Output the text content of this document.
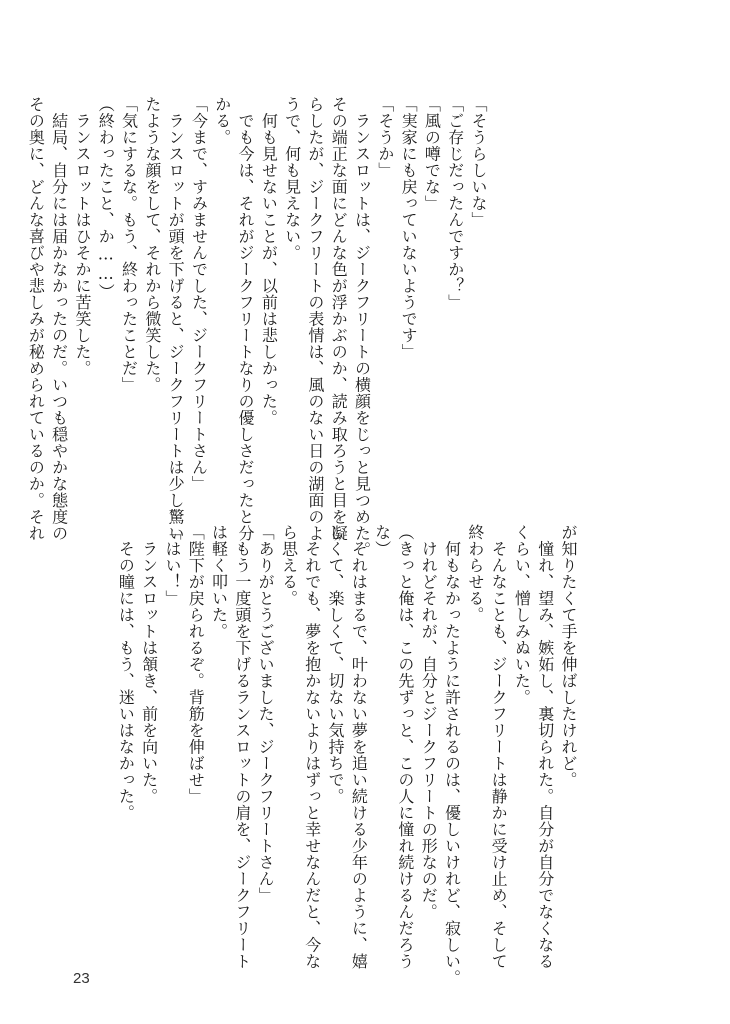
「そうらしいな」
「ご存じだったんですか？」
「風の噂でな」
「実家にも戻っていないようです」
「そうか」
　ランスロットは、ジークフリートの横顔をじっと見つめた。
その端正な面にどんな色が浮かぶのか、読み取ろうと目を凝
らしたが、ジークフリートの表情は、風のない日の湖面のよ
うで、何も見えない。
　何も見せないことが、以前は悲しかった。
　でも今は、それがジークフリートなりの優しさだったと分
かる。
「今まで、すみませんでした、ジークフリートさん」
　ランスロットが頭を下げると、ジークフリートは少し驚い
たような顔をして、それから微笑した。
「気にするな。もう、終わったことだ」
（終わったこと、か……）
　ランスロットはひそかに苦笑した。
　結局、自分には届かなかったのだ。いつも穏やかな態度の
その奥に、どんな喜びや悲しみが秘められているのか。それ
が知りたくて手を伸ばしたけれど。
　憧れ、望み、嫉妬し、裏切られた。自分が自分でなくなる
くらい、憎しみぬいた。
　そんなことも、ジークフリートは静かに受け止め、そして
終わらせる。
　何もなかったように許されるのは、優しいけれど、寂しい。
　けれどそれが、自分とジークフリートの形なのだ。
（きっと俺は、この先ずっと、この人に憧れ続けるんだろう
な）
　それはまるで、叶わない夢を追い続ける少年のように、嬉
しくて、楽しくて、切ない気持ちで。
　それでも、夢を抱かないよりはずっと幸せなんだと、今な
ら思える。
「ありがとうございました、ジークフリートさん」
　もう一度頭を下げるランスロットの肩を、ジークフリート
は軽く叩いた。
「陛下が戻られるぞ。背筋を伸ばせ」
「はい！」
　ランスロットは頷き、前を向いた。
　その瞳には、もう、迷いはなかった。
23
